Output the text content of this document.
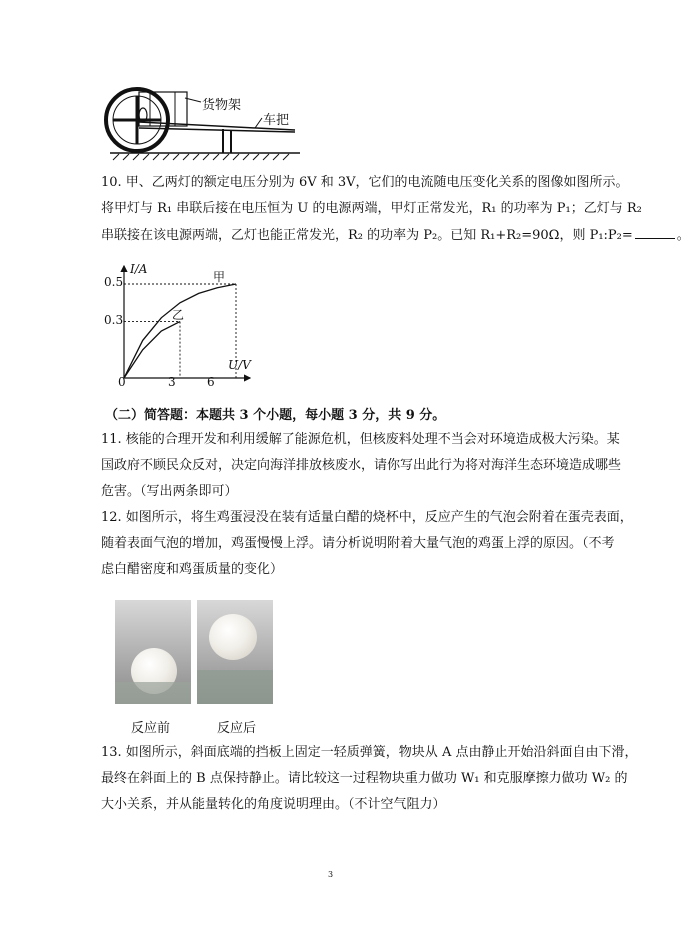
货物架
车把
10. 甲、乙两灯的额定电压分别为 6V 和 3V，它们的电流随电压变化关系的图像如图所示。
将甲灯与 R₁ 串联后接在电压恒为 U 的电源两端，甲灯正常发光，R₁ 的功率为 P₁；乙灯与 R₂
串联接在该电源两端，乙灯也能正常发光，R₂ 的功率为 P₂。已知 R₁+R₂=90Ω，则 P₁:P₂=	。
I/A
U/V
0	3	6
0.3
0.5	甲
乙
（二）简答题：本题共 3 个小题，每小题 3 分，共 9 分。
11. 核能的合理开发和利用缓解了能源危机，但核废料处理不当会对环境造成极大污染。某
国政府不顾民众反对，决定向海洋排放核废水，请你写出此行为将对海洋生态环境造成哪些
危害。（写出两条即可）
12. 如图所示，将生鸡蛋浸没在装有适量白醋的烧杯中，反应产生的气泡会附着在蛋壳表面，
随着表面气泡的增加，鸡蛋慢慢上浮。请分析说明附着大量气泡的鸡蛋上浮的原因。（不考
虑白醋密度和鸡蛋质量的变化）
反应前	反应后
13. 如图所示，斜面底端的挡板上固定一轻质弹簧，物块从 A 点由静止开始沿斜面自由下滑，
最终在斜面上的 B 点保持静止。请比较这一过程物块重力做功 W₁ 和克服摩擦力做功 W₂ 的
大小关系，并从能量转化的角度说明理由。（不计空气阻力）
3
